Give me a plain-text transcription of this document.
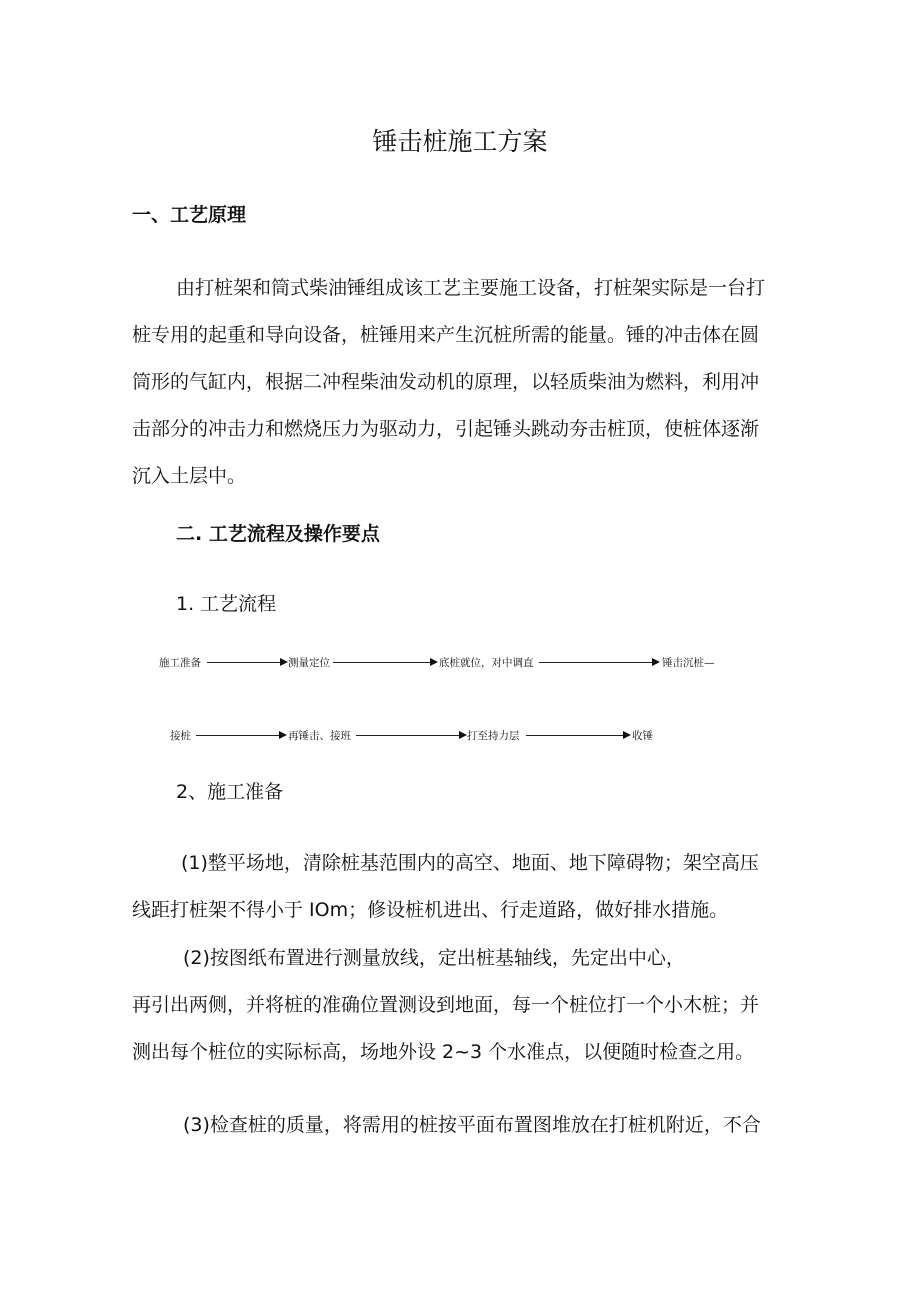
锤击桩施工方案
一、工艺原理
由打桩架和筒式柴油锤组成该工艺主要施工设备，打桩架实际是一台打
桩专用的起重和导向设备，桩锤用来产生沉桩所需的能量。锤的冲击体在圆
筒形的气缸内，根据二冲程柴油发动机的原理，以轻质柴油为燃料，利用冲
击部分的冲击力和燃烧压力为驱动力，引起锤头跳动夯击桩顶，使桩体逐渐
沉入土层中。
二. 工艺流程及操作要点
1. 工艺流程
施工准备	测量定位	底桩就位，对中调直	锤击沉桩—
接桩	再锤击、接班	打至持力层	收锤
2、施工准备
(1)整平场地，清除桩基范围内的高空、地面、地下障碍物；架空高压
线距打桩架不得小于 IOm；修设桩机进出、行走道路，做好排水措施。
(2)按图纸布置进行测量放线，定出桩基轴线，先定出中心，
再引出两侧，并将桩的准确位置测设到地面，每一个桩位打一个小木桩；并
测出每个桩位的实际标高，场地外设 2~3 个水准点，以便随时检查之用。
(3)检查桩的质量，将需用的桩按平面布置图堆放在打桩机附近，不合
